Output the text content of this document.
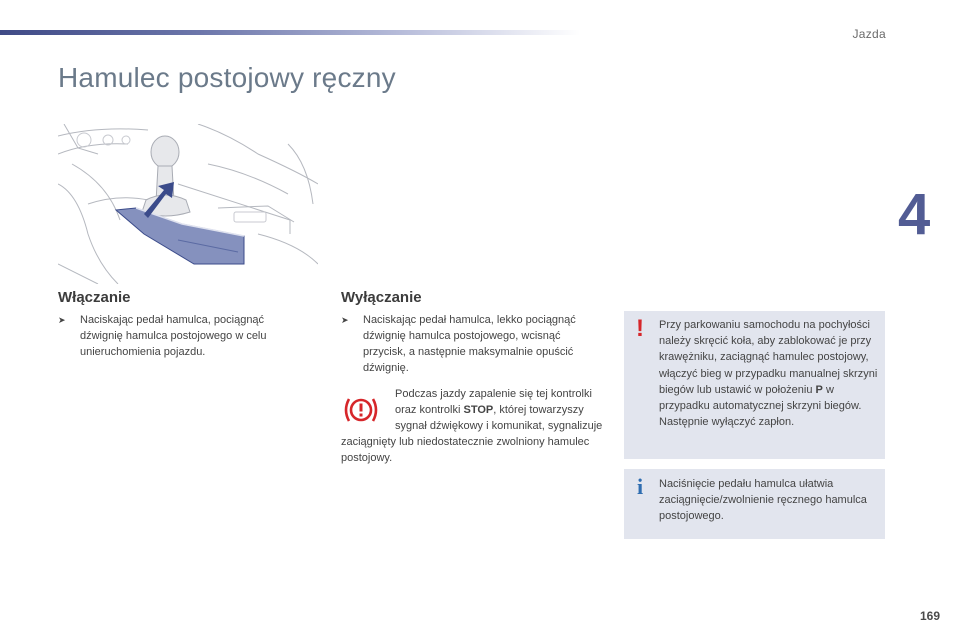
Jazda
4
Hamulec postojowy ręczny
Włączanie
➤	Naciskając pedał hamulca, pociągnąć dźwignię hamulca postojowego w celu unieruchomienia pojazdu.
Wyłączanie
➤	Naciskając pedał hamulca, lekko pociągnąć dźwignię hamulca postojowego, wcisnąć przycisk, a następnie maksymalnie opuścić dźwignię.
Podczas jazdy zapalenie się tej kontrolki oraz kontrolki STOP, której towarzyszy sygnał dźwiękowy i komunikat, sygnalizuje zaciągnięty lub niedostatecznie zwolniony hamulec postojowy.
!	Przy parkowaniu samochodu na pochyłości należy skręcić koła, aby zablokować je przy krawężniku, zaciągnąć hamulec postojowy, włączyć bieg w przypadku manualnej skrzyni biegów lub ustawić w położeniu P w przypadku automatycznej skrzyni biegów. Następnie wyłączyć zapłon.
i	Naciśnięcie pedału hamulca ułatwia zaciągnięcie/zwolnienie ręcznego hamulca postojowego.
169
